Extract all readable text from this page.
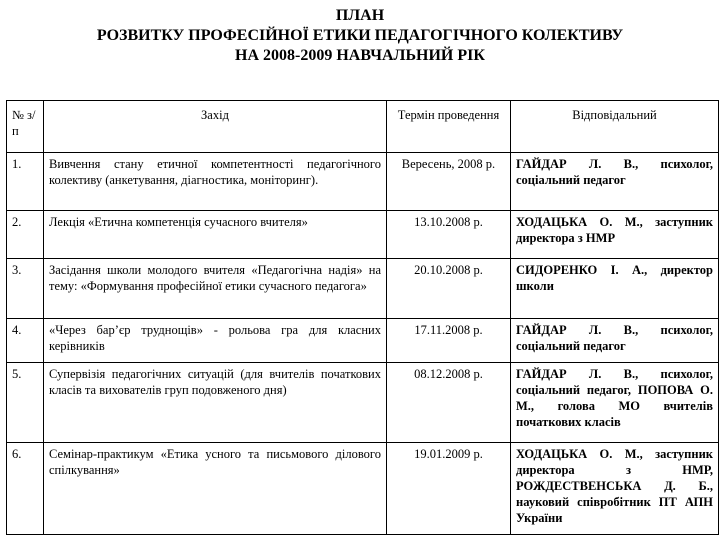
ПЛАН
РОЗВИТКУ ПРОФЕСІЙНОЇ ЕТИКИ ПЕДАГОГІЧНОГО КОЛЕКТИВУ
НА 2008-2009 НАВЧАЛЬНИЙ РІК
№ з/п	Захід	Термін проведення	Відповідальний
1.	Вивчення стану етичної компетентності педагогічного колективу (анкетування, діагностика, моніторинг).	Вересень, 2008 р.	ГАЙДАР Л. В., психолог, соціальний педагог
2.	Лекція «Етична компетенція сучасного вчителя»	13.10.2008 р.	ХОДАЦЬКА О. М., заступник директора з НМР
3.	Засідання школи молодого вчителя «Педагогічна надія» на тему: «Формування професійної етики сучасного педагога»	20.10.2008 р.	СИДОРЕНКО І. А., директор школи
4.	«Через бар’єр труднощів» - рольова гра для класних керівників	17.11.2008 р.	ГАЙДАР Л. В., психолог, соціальний педагог
5.	Супервізія педагогічних ситуацій (для вчителів початкових класів та вихователів груп подовженого дня)	08.12.2008 р.	ГАЙДАР Л. В., психолог, соціальний педагог, ПОПОВА О. М., голова МО вчителів початкових класів
6.	Семінар-практикум «Етика усного та письмового ділового спілкування»	19.01.2009 р.	ХОДАЦЬКА О. М., заступник директора з НМР, РОЖДЕСТВЕНСЬКА Д. Б., науковий співробітник ПТ АПН України
